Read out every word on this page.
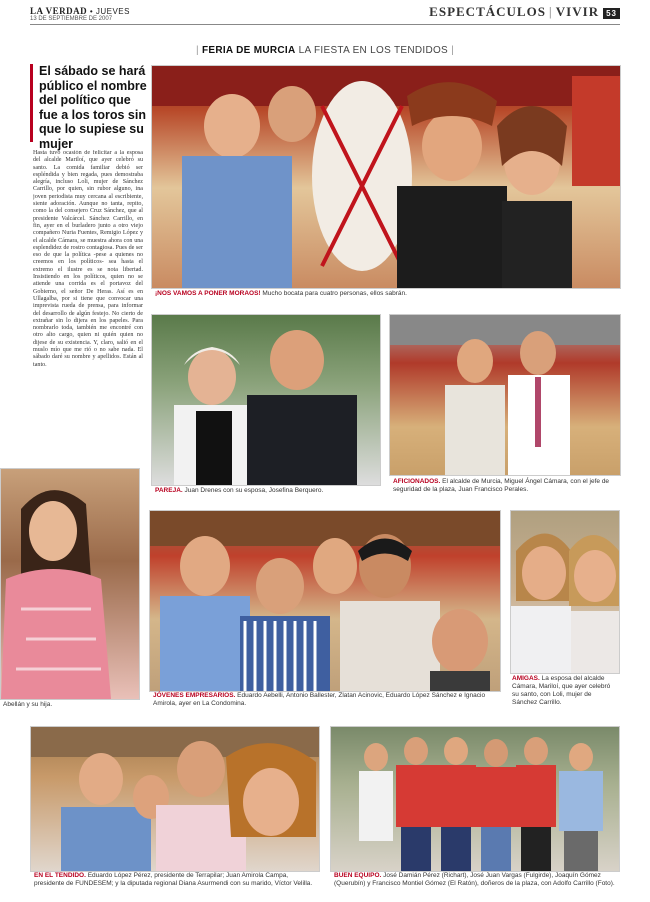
LA VERDAD • JUEVES
13 DE SEPTIEMBRE DE 2007	ESPECTÁCULOS | VIVIR 53
| FERIA DE MURCIA LA FIESTA EN LOS TENDIDOS |
El sábado se hará público el nombre del político que fue a los toros sin que lo supiese su mujer
Hasta tuvo ocasión de felicitar a la esposa del alcalde Mariloí, que ayer celebró su santo. La comida familiar debió ser espléndida y bien regada, pues demostraba alegría, incluso Loli, mujer de Sánchez Carrillo, por quien, sin rubor alguno, ina joven periodista muy cercana al escribiente, siente adoración. Aunque no tanta, repito, como la del consejero Cruz Sánchez, que al presidente Valcárcel. Sánchez Carrillo, en fin, ayer en el burladero junto a otro viejo compañero Nuria Fuentes, Remigio López y el alcalde Cámara, se muestra ahora con una esplendidez de rostro contagiosa. Pues de ser eso de que la política -pese a quienes no creemos en los políticos- sea hasta el extremo el ilustre es se nota libertad. Insistiendo en los políticos, quien no se atiende una corrida es el portavoz del Gobierno, el señor De Heras. Así es en Ullagalba, por si tiene que convocar una imprevista rueda de prensa, para informar del desarrollo de algún festejo. No cierto de extrañar sin lo dijera en los papeles. Para nombrarlo toda, también me encontré con otro alto cargo, quien ni quién quien no dijese de su existencia. Y, claro, salió en el muslo mío que me rió o no sabe nada. El sábado daré su nombre y apellidos. Están al tanto.
¡NOS VAMOS A PONER MORAOS! Mucho bocata para cuatro personas, ellos sabrán.
PAREJA. Juan Drenes con su esposa, Josefina Berquero.
AFICIONADOS. El alcalde de Murcia, Miguel Ángel Cámara, con el jefe de seguridad de la plaza, Juan Francisco Perales.
Abellán y su hija.
JÓVENES EMPRESARIOS. Eduardo Aebelli, Antonio Ballester, Zlatan Acinovic, Eduardo López Sánchez e Ignacio Amirola, ayer en La Condomina.
AMIGAS. La esposa del alcalde Cámara, Mariloí, que ayer celebró su santo, con Loli, mujer de Sánchez Carrillo.
EN EL TENDIDO. Eduardo López Pérez, presidente de Terrapilar; Juan Amirola Campa, presidente de FUNDESEM; y la diputada regional Diana Asurmendi con su marido, Víctor Velilla.
BUEN EQUIPO. José Damián Pérez (Richart), José Juan Vargas (Fulgirde), Joaquín Gómez (Querubín) y Francisco Montiel Gómez (El Ratón), doñeros de la plaza, con Adolfo Carrillo (Foto).
